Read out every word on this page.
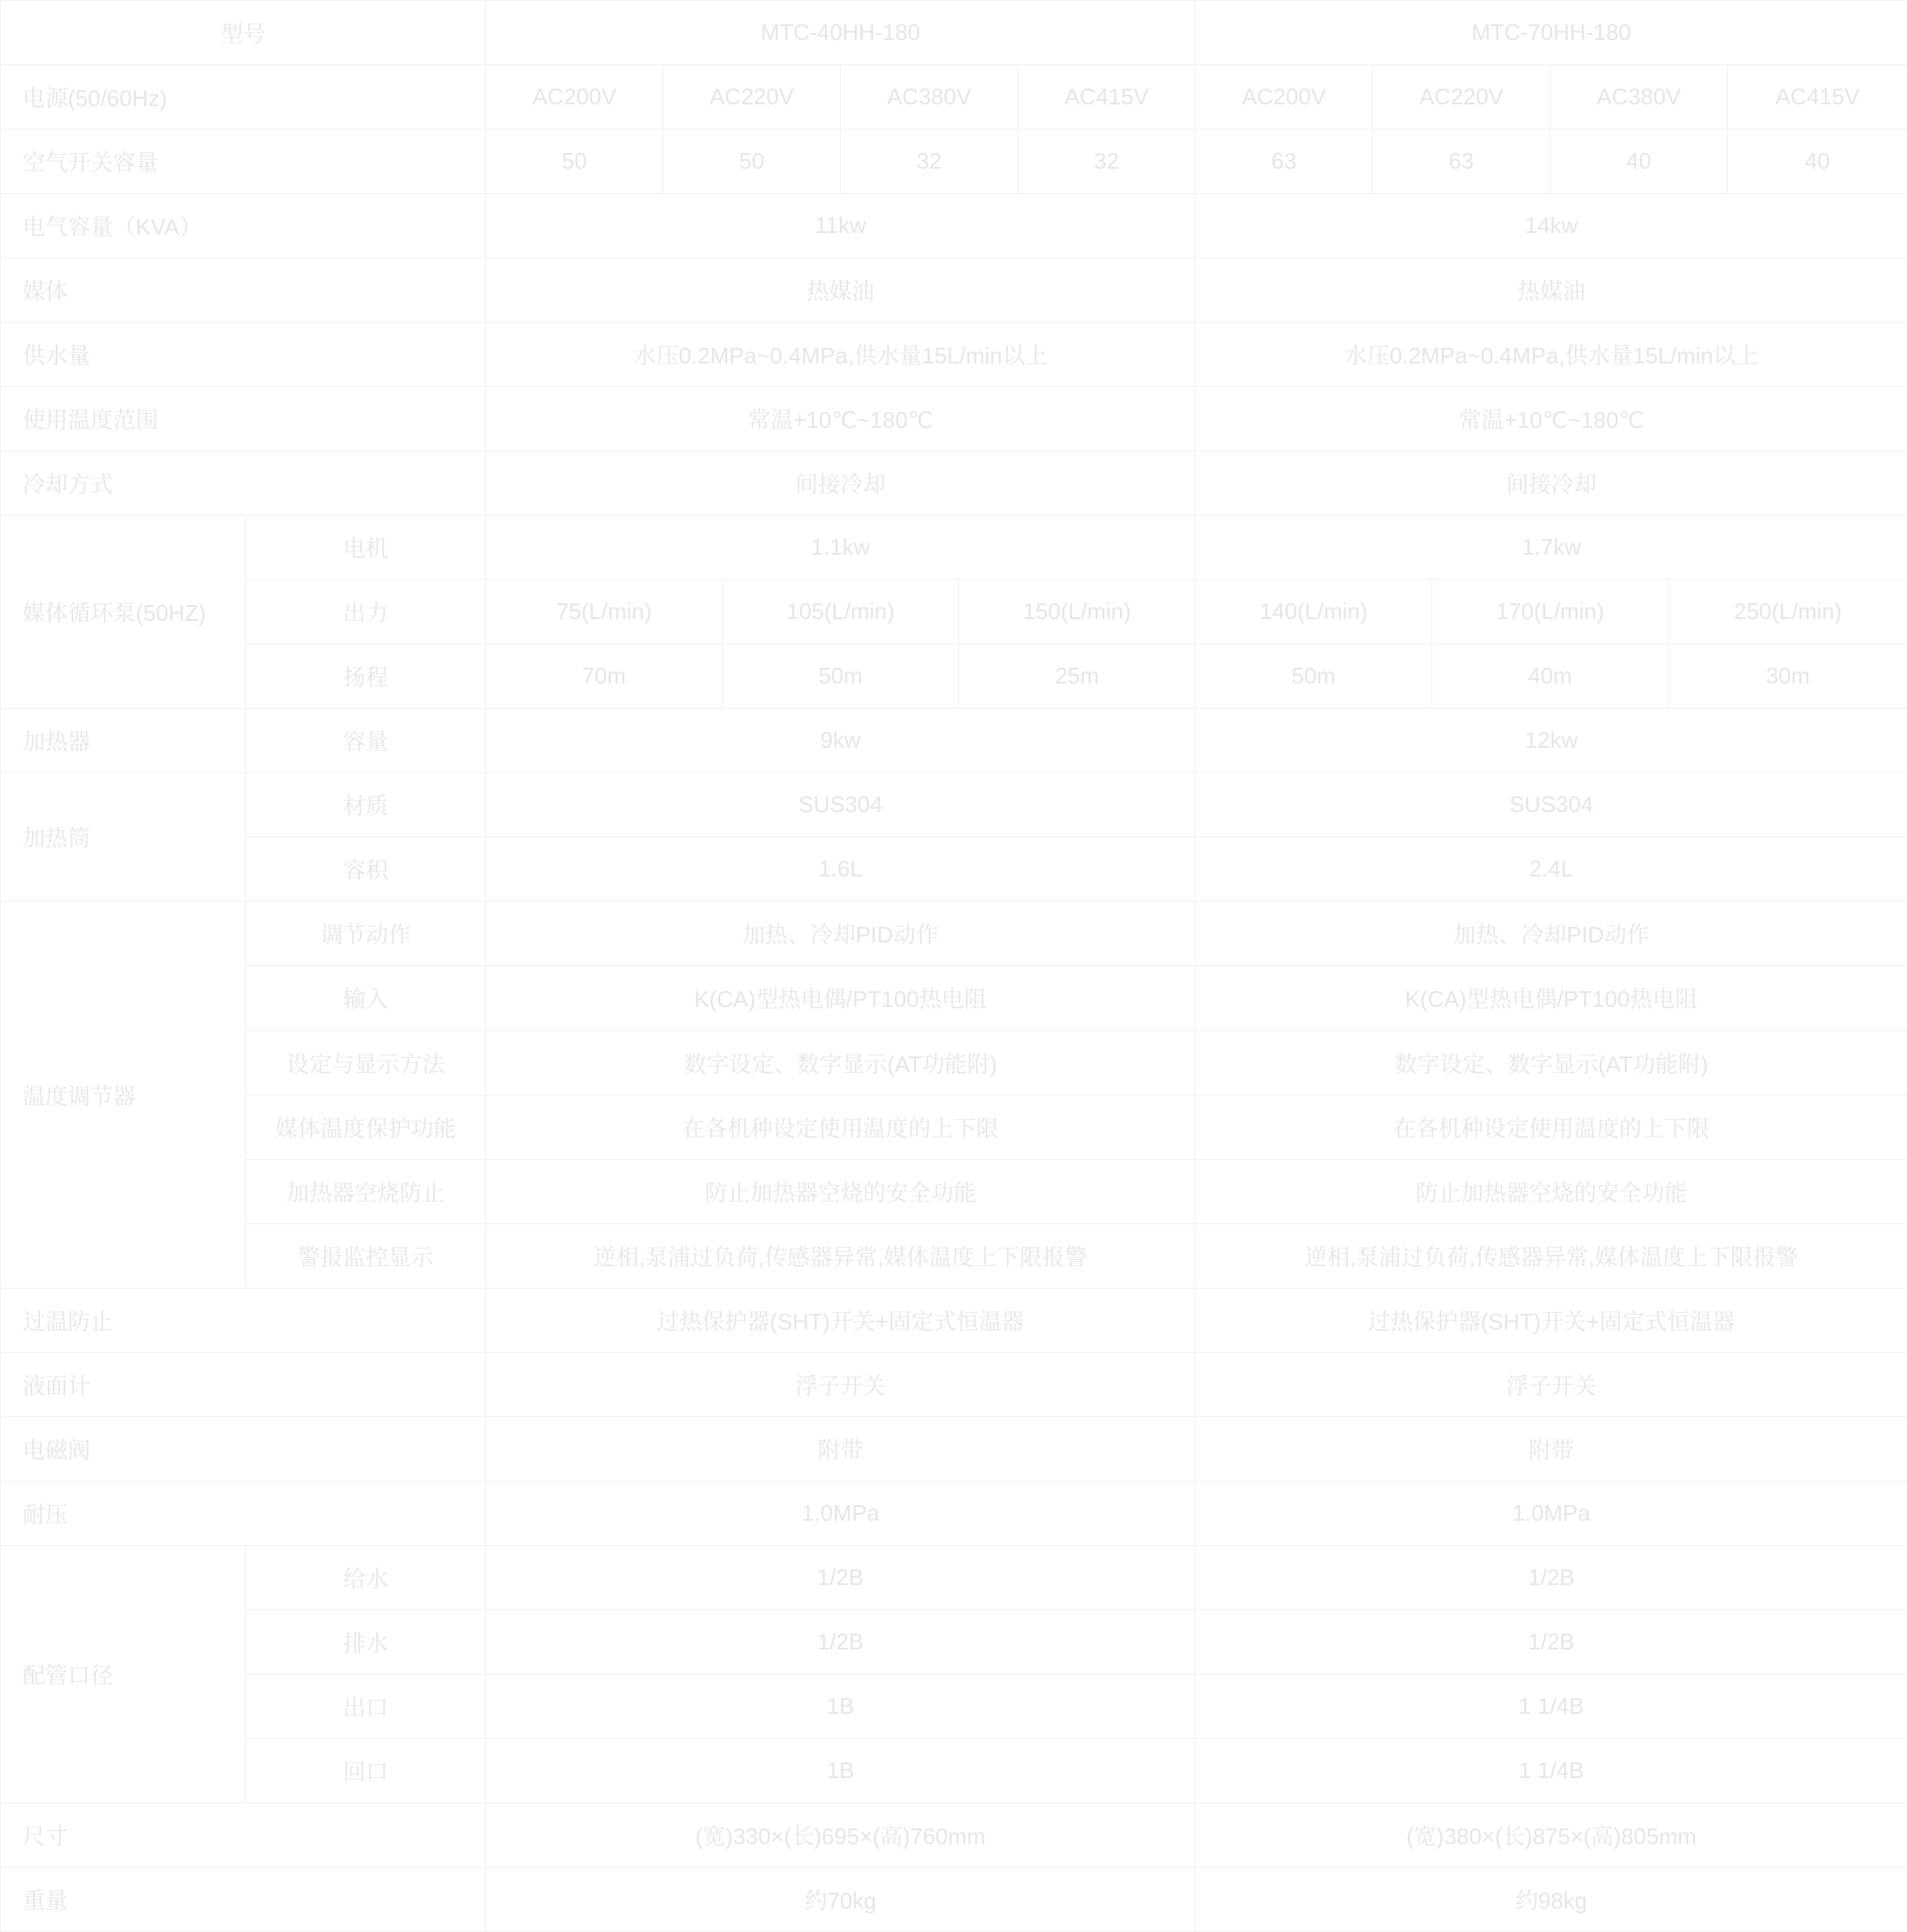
型号		MTC-40HH-180						MTC-70HH-180					
电源(50/60Hz)		AC200V	AC220V		AC380V		AC415V	AC200V	AC220V		AC380V		AC415V
空气开关容量		50	50		32		32	63	63		40		40
电气容量（KVA）		11kw						14kw					
媒体		热媒油						热媒油					
供水量		水压0.2MPa~0.4MPa,供水量15L/min以上						水压0.2MPa~0.4MPa,供水量15L/min以上					
使用温度范围		常温+10℃~180℃						常温+10℃~180℃					
冷却方式		间接冷却						间接冷却					
媒体循环泵(50HZ)	电机	1.1kw						1.7kw					
	出力	75(L/min)		105(L/min)		150(L/min)		140(L/min)		170(L/min)		250(L/min)	
	扬程	70m		50m		25m		50m		40m		30m	
加热器	容量	9kw						12kw					
加热筒	材质	SUS304						SUS304					
	容积	1.6L						2.4L					
温度调节器	调节动作	加热、冷却PID动作						加热、冷却PID动作					
	输入	K(CA)型热电偶/PT100热电阻						K(CA)型热电偶/PT100热电阻					
	设定与显示方法	数字设定、数字显示(AT功能附)						数字设定、数字显示(AT功能附)					
	媒体温度保护功能	在各机种设定使用温度的上下限						在各机种设定使用温度的上下限					
	加热器空烧防止	防止加热器空烧的安全功能						防止加热器空烧的安全功能					
	警报监控显示	逆相,泵浦过负荷,传感器异常,媒体温度上下限报警						逆相,泵浦过负荷,传感器异常,媒体温度上下限报警					
过温防止		过热保护器(SHT)开关+固定式恒温器						过热保护器(SHT)开关+固定式恒温器					
液面计		浮子开关						浮子开关					
电磁阀		附带						附带					
耐压		1.0MPa						1.0MPa					
配管口径	给水	1/2B						1/2B					
	排水	1/2B						1/2B					
	出口	1B						1 1/4B					
	回口	1B						1 1/4B					
尺寸		(宽)330×(长)695×(高)760mm						(宽)380×(长)875×(高)805mm					
重量		约70kg						约98kg					
